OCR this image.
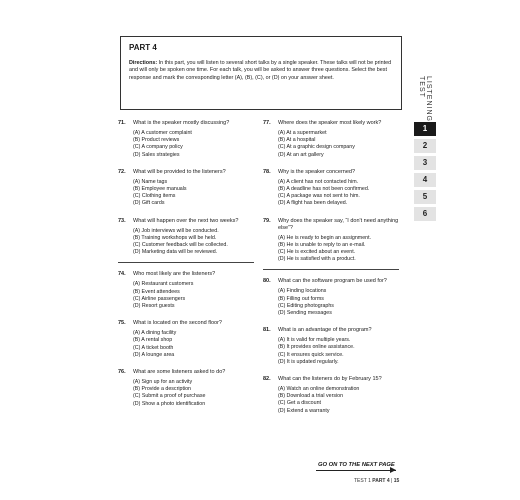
PART 4
Directions: In this part, you will listen to several short talks by a single speaker. These talks will not be printed and will only be spoken one time. For each talk, you will be asked to answer three questions. Select the best response and mark the corresponding letter (A), (B), (C), or (D) on your answer sheet.
71.	What is the speaker mostly discussing?
(A) A customer complaint
(B) Product reviews
(C) A company policy
(D) Sales strategies
72.	What will be provided to the listeners?
(A) Name tags
(B) Employee manuals
(C) Clothing items
(D) Gift cards
73.	What will happen over the next two weeks?
(A) Job interviews will be conducted.
(B) Training workshops will be held.
(C) Customer feedback will be collected.
(D) Marketing data will be reviewed.
74.	Who most likely are the listeners?
(A) Restaurant customers
(B) Event attendees
(C) Airline passengers
(D) Resort guests
75.	What is located on the second floor?
(A) A dining facility
(B) A rental shop
(C) A ticket booth
(D) A lounge area
76.	What are some listeners asked to do?
(A) Sign up for an activity
(B) Provide a description
(C) Submit a proof of purchase
(D) Show a photo identification
77.	Where does the speaker most likely work?
(A) At a supermarket
(B) At a hospital
(C) At a graphic design company
(D) At an art gallery
78.	Why is the speaker concerned?
(A) A client has not contacted him.
(B) A deadline has not been confirmed.
(C) A package was not sent to him.
(D) A flight has been delayed.
79.	Why does the speaker say, “I don't need anything else”?
(A) He is ready to begin an assignment.
(B) He is unable to reply to an e-mail.
(C) He is excited about an event.
(D) He is satisfied with a product.
80.	What can the software program be used for?
(A) Finding locations
(B) Filling out forms
(C) Editing photographs
(D) Sending messages
81.	What is an advantage of the program?
(A) It is valid for multiple years.
(B) It provides online assistance.
(C) It ensures quick service.
(D) It is updated regularly.
82.	What can the listeners do by February 15?
(A) Watch an online demonstration
(B) Download a trial version
(C) Get a discount
(D) Extend a warranty
LISTENING TEST
1
2
3
4
5
6
GO ON TO THE NEXT PAGE
TEST 1 PART 4 | 15
